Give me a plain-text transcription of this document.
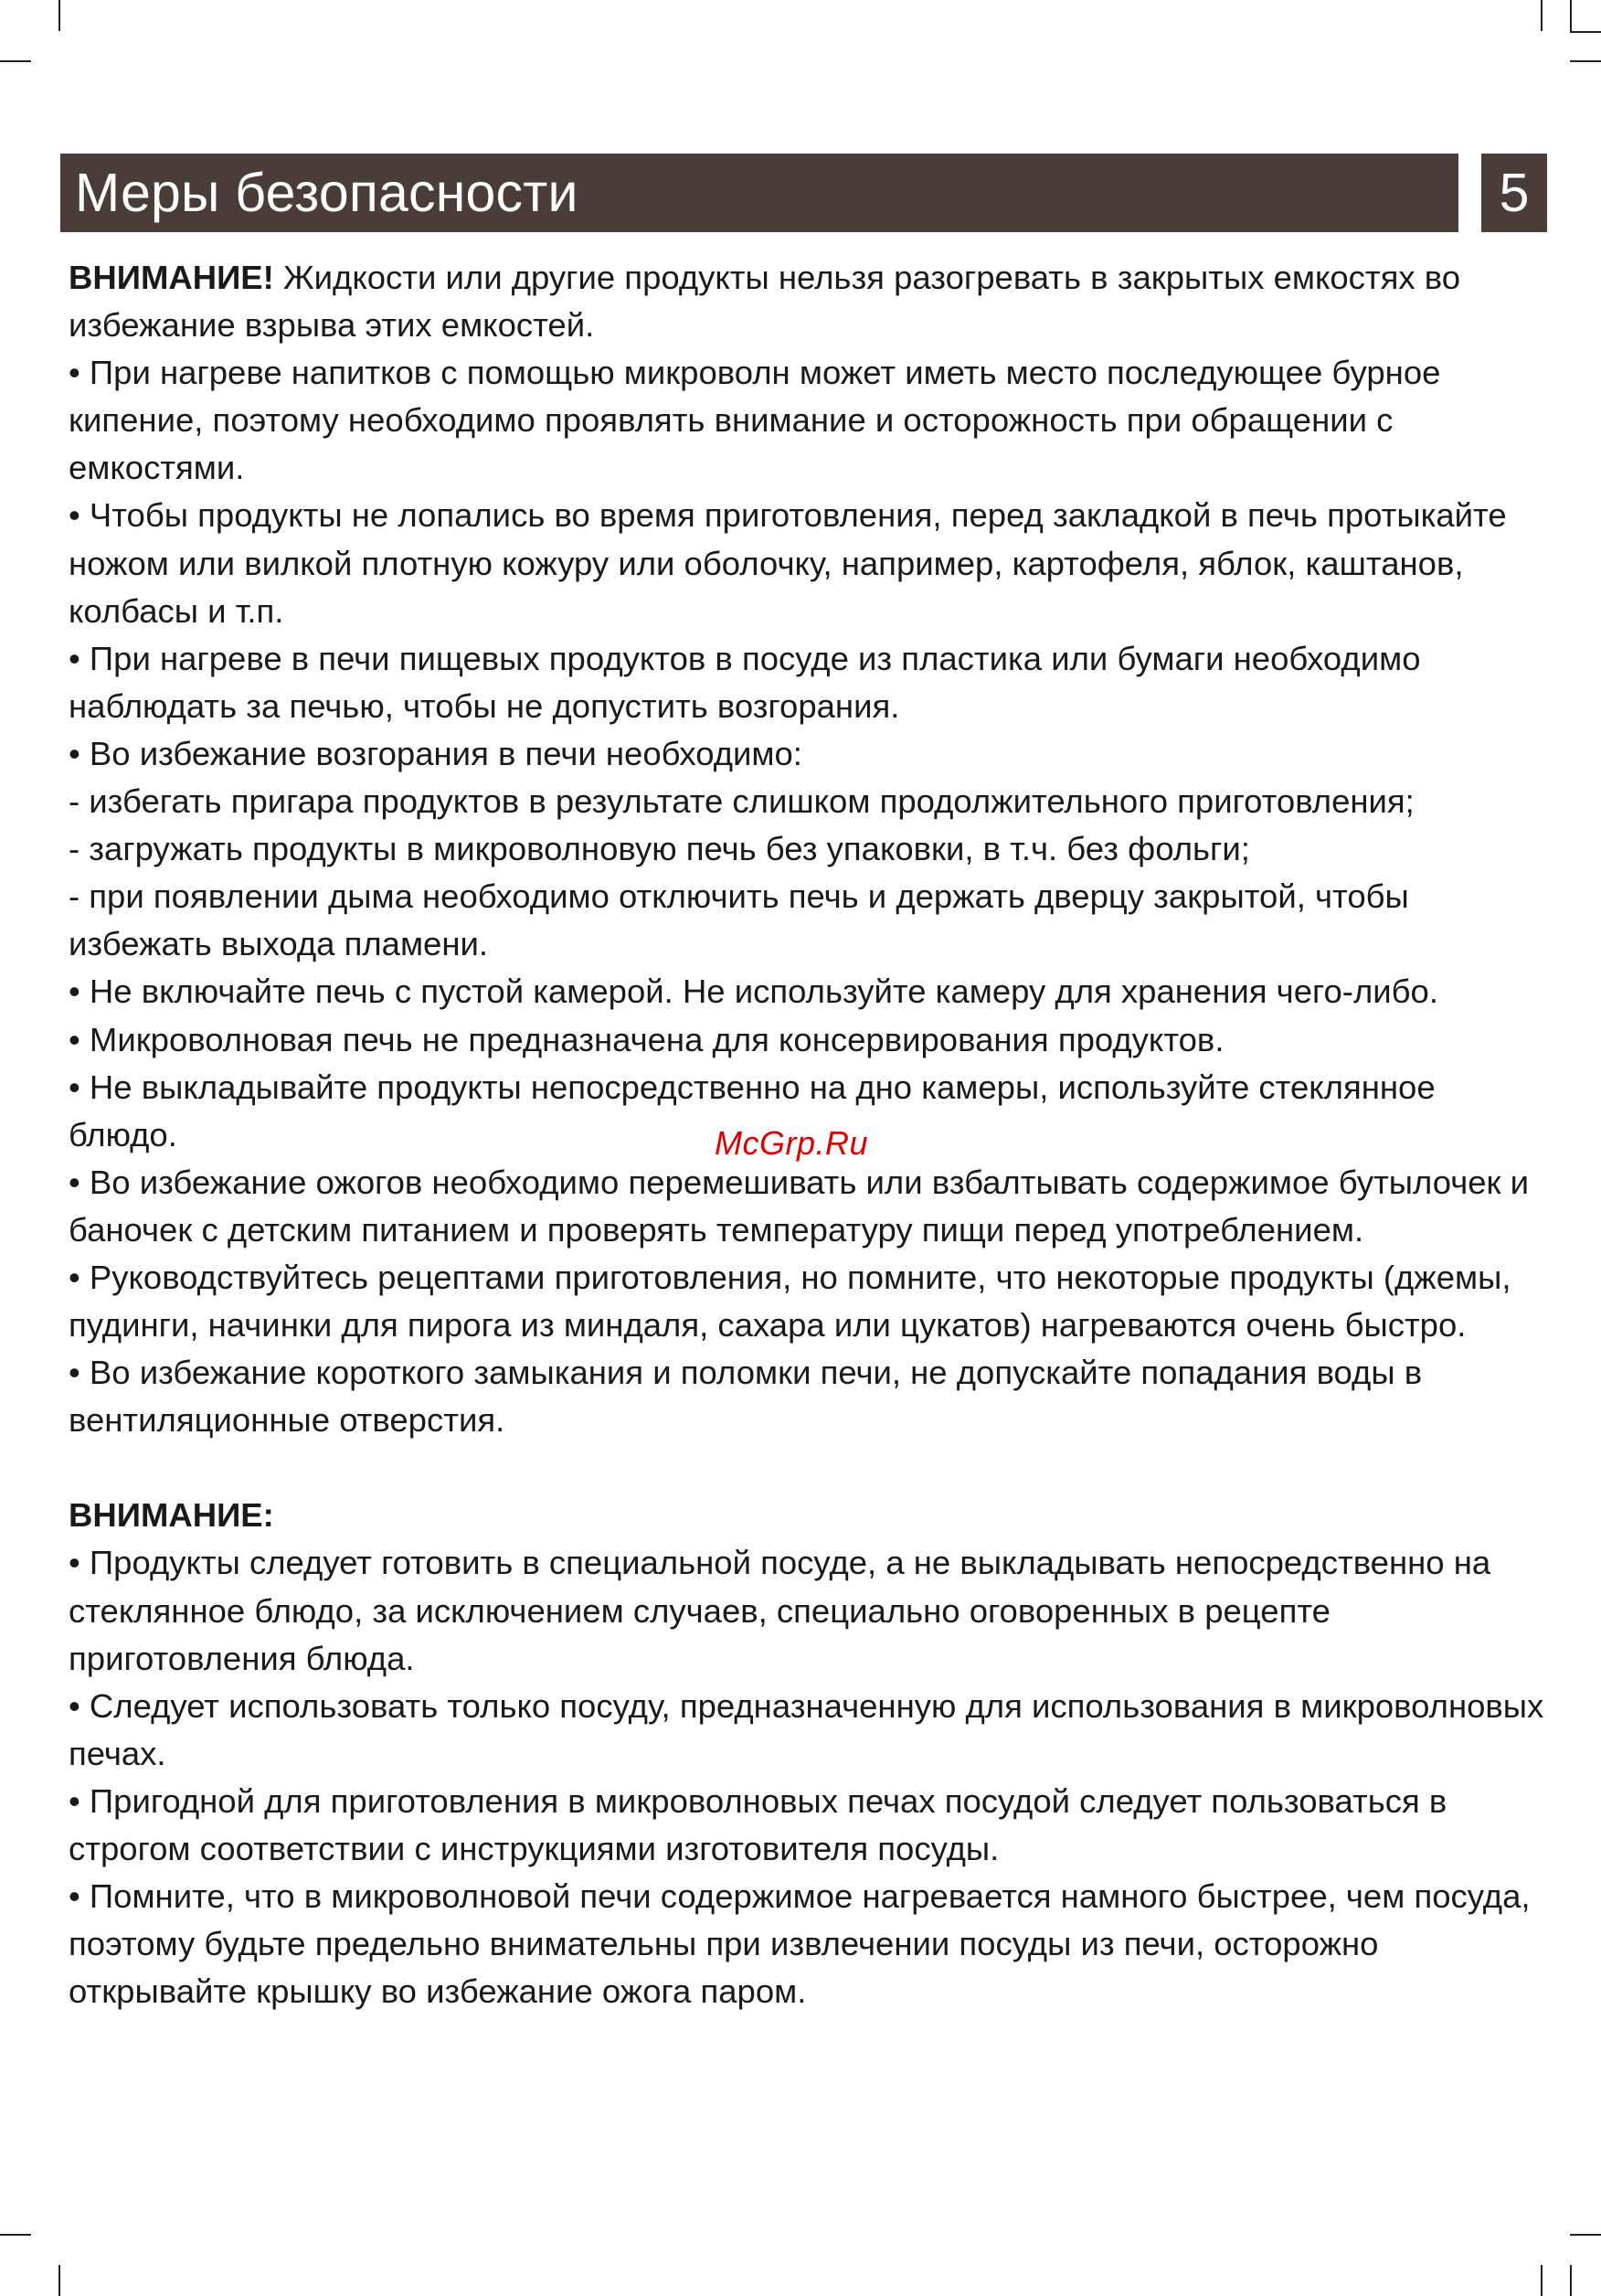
Меры безопасности	5

ВНИМАНИЕ! Жидкости или другие продукты нельзя разогревать в закрытых емкостях во избежание взрыва этих емкостей.

• При нагреве напитков с помощью микроволн может иметь место последующее бурное кипение, поэтому необходимо проявлять внимание и осторожность при обращении с емкостями.

• Чтобы продукты не лопались во время приготовления, перед закладкой в печь протыкайте ножом или вилкой плотную кожуру или оболочку, например, картофеля, яблок, каштанов, колбасы и т.п.

• При нагреве в печи пищевых продуктов в посуде из пластика или бумаги необходимо наблюдать за печью, чтобы не допустить возгорания.

• Во избежание возгорания в печи необходимо:

- избегать пригара продуктов в результате слишком продолжительного приготовления;

- загружать продукты в микроволновую печь без упаковки, в т.ч. без фольги;

- при появлении дыма необходимо отключить печь и держать дверцу закрытой, чтобы избежать выхода пламени.

• Не включайте печь с пустой камерой. Не используйте камеру для хранения чего-либо.

• Микроволновая печь не предназначена для консервирования продуктов.

• Не выкладывайте продукты непосредственно на дно камеры, используйте стеклянное блюдо.

• Во избежание ожогов необходимо перемешивать или взбалтывать содержимое бутылочек и баночек с детским питанием и проверять температуру пищи перед употреблением.

• Руководствуйтесь рецептами приготовления, но помните, что некоторые продукты (джемы, пудинги, начинки для пирога из миндаля, сахара или цукатов) нагреваются очень быстро.

• Во избежание короткого замыкания и поломки печи, не допускайте попадания воды в вентиляционные отверстия.

ВНИМАНИЕ:

• Продукты следует готовить в специальной посуде, а не выкладывать непосредственно на стеклянное блюдо, за исключением случаев, специально оговоренных в рецепте приготовления блюда.

• Следует использовать только посуду, предназначенную для использования в микроволновых печах.

• Пригодной для приготовления в микроволновых печах посудой следует пользоваться в строгом соответствии с инструкциями изготовителя посуды.

• Помните, что в микроволновой печи содержимое нагревается намного быстрее, чем посуда, поэтому будьте предельно внимательны при извлечении посуды из печи, осторожно открывайте крышку во избежание ожога паром.

McGrp.Ru
